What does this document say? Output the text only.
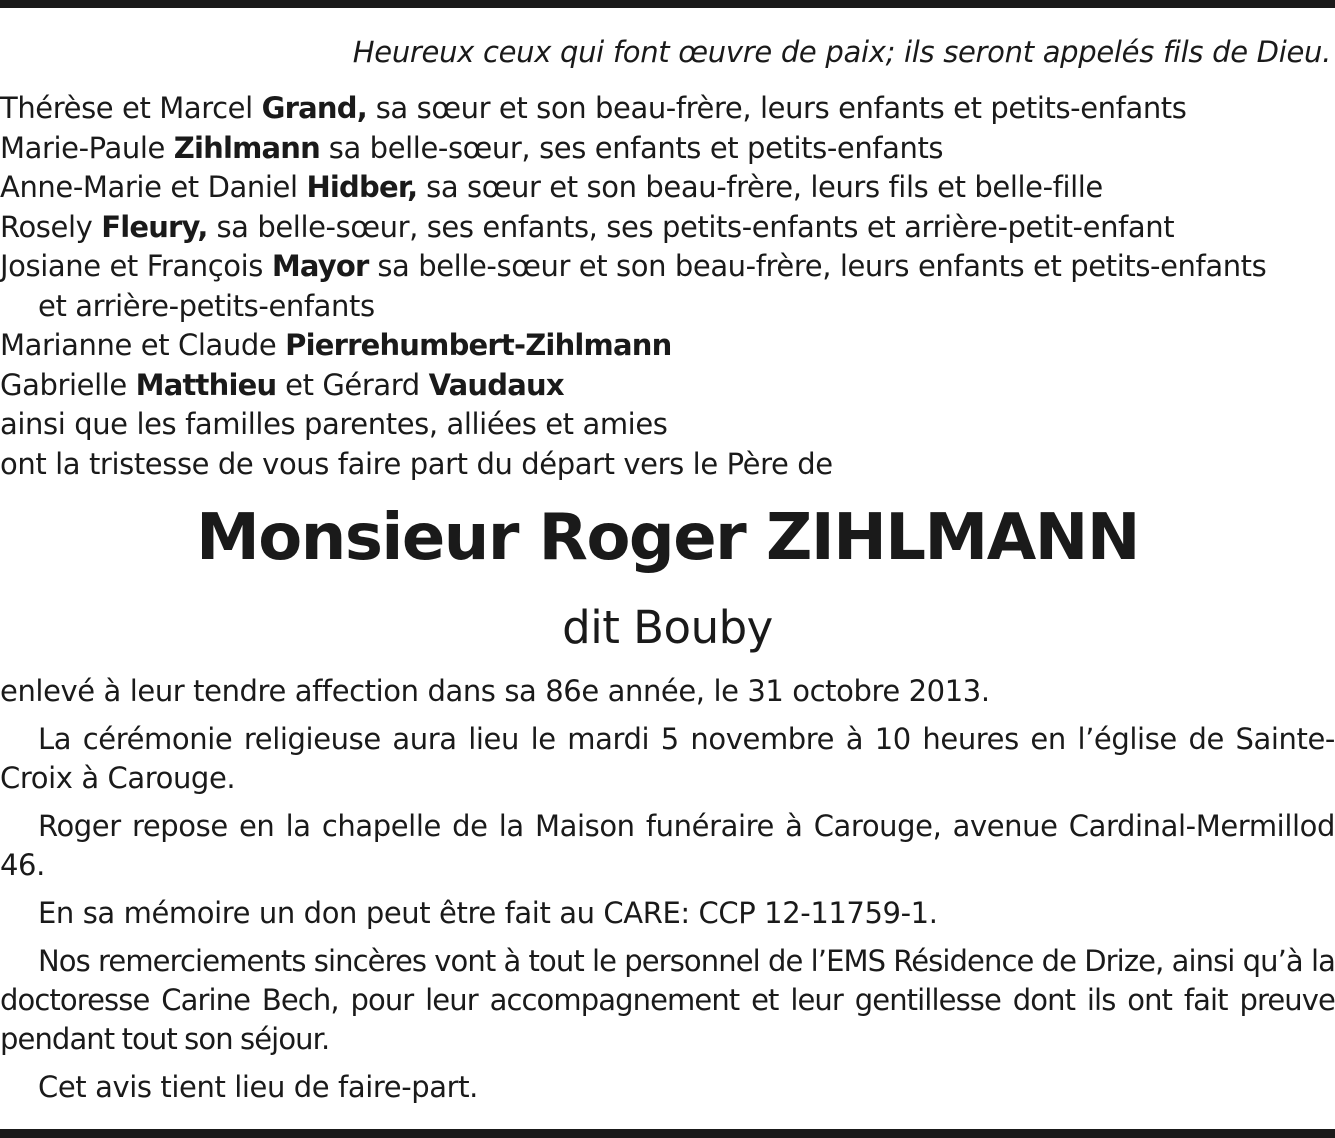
Heureux ceux qui font œuvre de paix; ils seront appelés fils de Dieu.
Thérèse et Marcel Grand, sa sœur et son beau-frère, leurs enfants et petits-enfants
Marie-Paule Zihlmann sa belle-sœur, ses enfants et petits-enfants
Anne-Marie et Daniel Hidber, sa sœur et son beau-frère, leurs fils et belle-fille
Rosely Fleury, sa belle-sœur, ses enfants, ses petits-enfants et arrière-petit-enfant
Josiane et François Mayor sa belle-sœur et son beau-frère, leurs enfants et petits-enfants
et arrière-petits-enfants
Marianne et Claude Pierrehumbert-Zihlmann
Gabrielle Matthieu et Gérard Vaudaux
ainsi que les familles parentes, alliées et amies
ont la tristesse de vous faire part du départ vers le Père de
Monsieur Roger ZIHLMANN
dit Bouby

enlevé à leur tendre affection dans sa 86e année, le 31 octobre 2013.

La cérémonie religieuse aura lieu le mardi 5 novembre à 10 heures en l’église de Sainte-Croix à Carouge.

Roger repose en la chapelle de la Maison funéraire à Carouge, avenue Cardinal-Mermillod 46.

En sa mémoire un don peut être fait au CARE: CCP 12-11759-1.

Nos remerciements sincères vont à tout le personnel de l’EMS Résidence de Drize, ainsi qu’à la doctoresse Carine Bech, pour leur accompagnement et leur gentillesse dont ils ont fait preuve pendant tout son séjour.

Cet avis tient lieu de faire-part.
